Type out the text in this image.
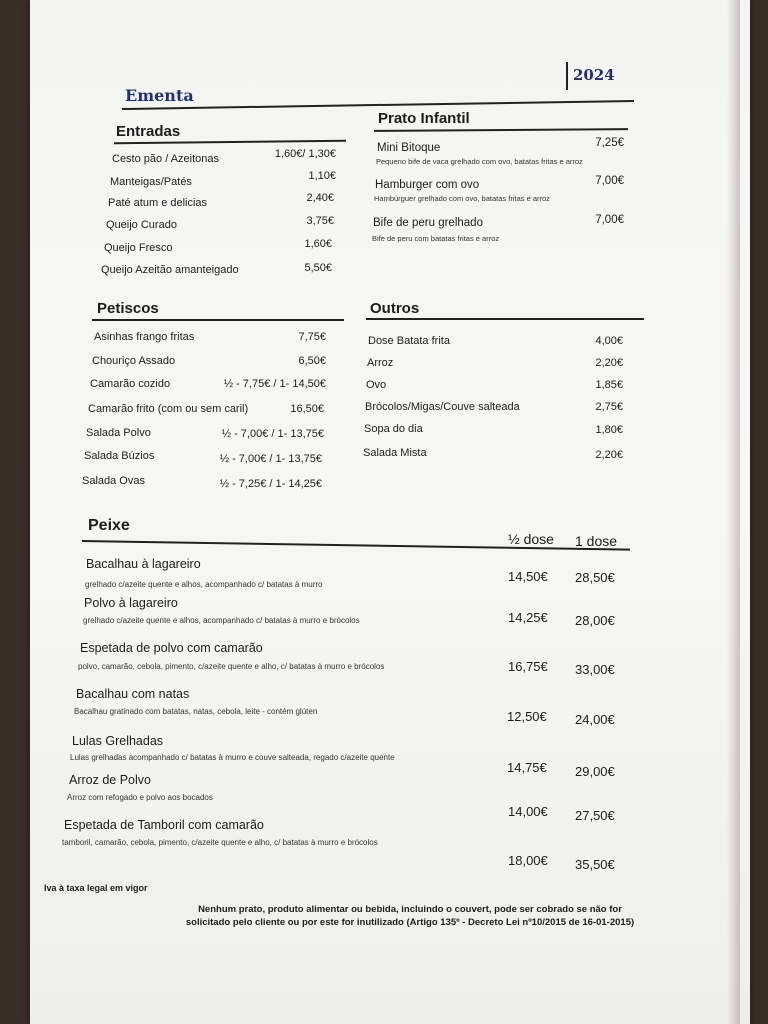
Ementa
2024
Entradas
Cesto pão / Azeitonas	1,60€/ 1,30€
Manteigas/Patés	1,10€
Paté atum e delicias	2,40€
Queijo Curado	3,75€
Queijo Fresco	1,60€
Queijo Azeitão amanteigado	5,50€
Prato Infantil
Mini Bitoque	7,25€
Pequeno bife de vaca grelhado com ovo, batatas fritas e arroz
Hamburger com ovo	7,00€
Hambúrguer grelhado com ovo, batatas fritas e arroz
Bife de peru grelhado	7,00€
Bife de peru com batatas fritas e arroz
Petiscos
Asinhas frango fritas	7,75€
Chouriço Assado	6,50€
Camarão cozido	½ - 7,75€ / 1- 14,50€
Camarão frito (com ou sem caril)	16,50€
Salada Polvo	½ - 7,00€ / 1- 13,75€
Salada Búzios	½ - 7,00€ / 1- 13,75€
Salada Ovas	½ - 7,25€ / 1- 14,25€
Outros
Dose Batata frita	4,00€
Arroz	2,20€
Ovo	1,85€
Brócolos/Migas/Couve salteada	2,75€
Sopa do dia	1,80€
Salada Mista	2,20€
Peixe
½ dose 1 dose
Bacalhau à lagareiro
grelhado c/azeite quente e alhos, acompanhado c/ batatas à murro
14,50€ 28,50€
Polvo à lagareiro
grelhado c/azeite quente e alhos, acompanhado c/ batatas à murro e brócolos	14,25€ 28,00€
Espetada de polvo com camarão
polvo, camarão, cebola, pimento, c/azeite quente e alho, c/ batatas à murro e brócolos	16,75€ 33,00€
Bacalhau com natas
Bacalhau gratinado com batatas, natas, cebola, leite - contém glúten	12,50€ 24,00€
Lulas Grelhadas
Lulas grelhadas acompanhado c/ batatas à murro e couve salteada, regado c/azeite quente
14,75€ 29,00€
Arroz de Polvo
Arroz com refogado e polvo aos bocados
14,00€ 27,50€
Espetada de Tamboril com camarão
tamboril, camarão, cebola, pimento, c/azeite quente e alho, c/ batatas à murro e brócolos
18,00€ 35,50€
Iva à taxa legal em vigor
Nenhum prato, produto alimentar ou bebida, incluindo o couvert, pode ser cobrado se não for
solicitado pelo cliente ou por este for inutilizado (Artigo 135º - Decreto Lei nº10/2015 de 16-01-2015)
